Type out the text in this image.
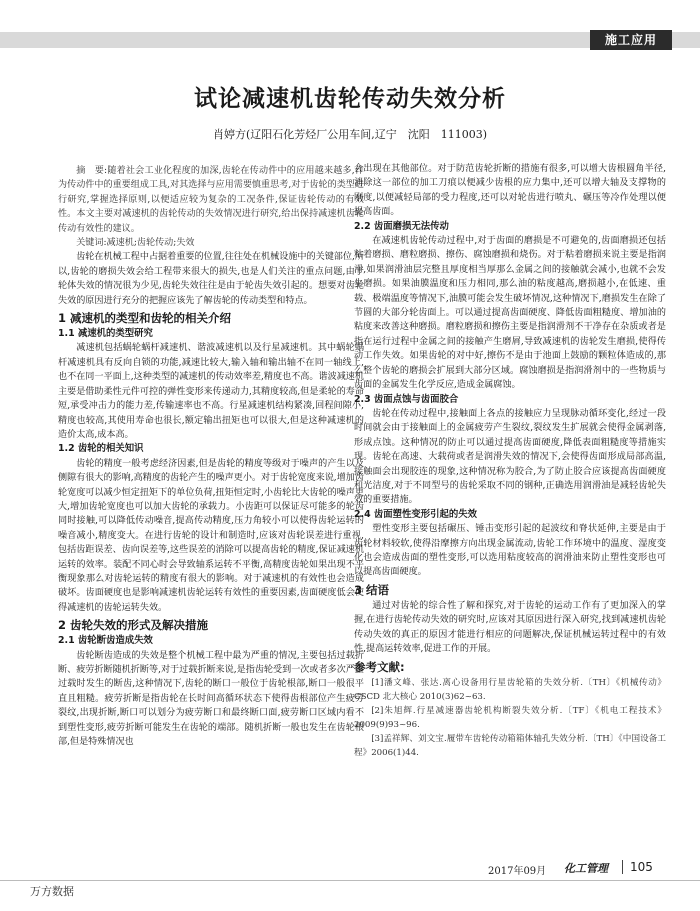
施工应用
试论减速机齿轮传动失效分析
肖婷方(辽阳石化芳烃厂公用车间,辽宁　沈阳　111003)

摘　要:随着社会工业化程度的加深,齿轮在传动件中的应用越来越多,作为传动件中的重要组成工具,对其选择与应用需要慎重思考,对于齿轮的类型进行研究,掌握选择原则,以便适应较为复杂的工况条件,保证齿轮传动的有效性。本文主要对减速机的齿轮传动的失效情况进行研究,给出保持减速机齿轮传动有效性的建议。

关键词:减速机;齿轮传动;失效

齿轮在机械工程中占据着重要的位置,往往处在机械设施中的关键部位,所以,齿轮的磨损失效会给工程带来很大的损失,也是人们关注的重点问题,由于轮体失效的情况很为少见,齿轮失效往往是由于轮齿失效引起的。想要对齿轮失效的原因进行充分的把握应该先了解齿轮的传动类型和特点。

1 减速机的类型和齿轮的相关介绍
1.1 减速机的类型研究

减速机包括蜗轮蜗杆减速机、谐波减速机以及行星减速机。其中蜗轮蜗杆减速机具有反向自锁的功能,减速比较大,输入轴和输出轴不在同一轴线上,也不在同一平面上,这种类型的减速机的传动效率差,精度也不高。谐波减速机主要是借助柔性元件可控的弹性变形来传递动力,其精度较高,但是柔轮的寿命短,承受冲击力的能力差,传输速率也不高。行星减速机结构紧凑,回程间隙小,精度也较高,其使用寿命也很长,额定输出扭矩也可以很大,但是这种减速机的造价太高,成本高。

1.2 齿轮的相关知识

齿轮的精度一般考虑经济因素,但是齿轮的精度等级对于噪声的产生以及侧隙有很大的影响,高精度的齿轮产生的噪声更小。对于齿轮宽度来说,增加齿轮宽度可以减少恒定扭矩下的单位负荷,扭矩恒定时,小齿轮比大齿轮的噪声更大,增加齿轮宽度也可以加大齿轮的承载力。小齿距可以保证尽可能多的轮齿同时接触,可以降低传动噪音,提高传动精度,压力角较小可以使得齿轮运转的噪音减小,精度变大。在进行齿轮的设计和制造时,应该对齿轮误差进行重视,包括齿距误差、齿向误差等,这些误差的消除可以提高齿轮的精度,保证减速机运转的效率。装配不同心时会导致轴系运转不平衡,高精度齿轮如果出现不平衡现象那么对齿轮运转的精度有很大的影响。对于减速机的有效性也会造成破坏。齿面硬度也是影响减速机齿轮运转有效性的重要因素,齿面硬度低会使得减速机的齿轮运转失效。

2 齿轮失效的形式及解决措施
2.1 齿轮断齿造成失效

齿轮断齿造成的失效是整个机械工程中最为严重的情况,主要包括过载折断、疲劳折断随机折断等,对于过载折断来说,是指齿轮受到一次或者多次严重过载时发生的断齿,这种情况下,齿轮的断口一般位于齿轮根部,断口一般很平直且粗糙。疲劳折断是指齿轮在长时间高循环状态下使得齿根部位产生疲劳裂纹,出现折断,断口可以划分为疲劳断口和最终断口面,疲劳断口区域内看不到塑性变形,疲劳折断可能发生在齿轮的端部。随机折断一般也发生在齿轮根部,但是特殊情况也

会出现在其他部位。对于防范齿轮折断的措施有很多,可以增大齿根圆角半径,消除这一部位的加工刀痕以便减少齿根的应力集中,还可以增大轴及支撑物的刚度,以便减轻局部的受力程度,还可以对轮齿进行喷丸、碾压等冷作处理以便提高齿面。

2.2 齿面磨损无法传动

在减速机齿轮传动过程中,对于齿面的磨损是不可避免的,齿面磨损还包括粘着磨损、磨粒磨损、擦伤、腐蚀磨损和烧伤。对于粘着磨损来说主要是指润滑,如果润滑油层完整且厚度相当厚那么金属之间的接触就会减小,也就不会发生磨损。如果油膜温度和压力相同,那么油的粘度越高,磨损越小,在低速、重载、极端温度等情况下,油膜可能会发生破坏情况,这种情况下,磨损发生在除了节圆的大部分轮齿面上。可以通过提高齿面硬度、降低齿面粗糙度、增加油的粘度来改善这种磨损。磨粒磨损和擦伤主要是指润滑剂不干净存在杂质或者是指在运行过程中金属之间的接触产生磨屑,导致减速机的齿轮发生磨损,使得传动工作失效。如果齿轮的对中好,擦伤不是由于池面上鼓励的颗粒体造成的,那么整个齿轮的磨损会扩展到大部分区域。腐蚀磨损是指润滑剂中的一些物质与齿面的金属发生化学反应,造成金属腐蚀。

2.3 齿面点蚀与齿面胶合

齿轮在传动过程中,接触面上各点的接触应力呈现脉动循环变化,经过一段时间就会由于接触面上的金属疲劳产生裂纹,裂纹发生扩展就会使得金属剥落,形成点蚀。这种情况的防止可以通过提高齿面硬度,降低表面粗糙度等措施实现。齿轮在高速、大载荷或者是润滑失效的情况下,会使得齿面形成局部高温,接触面会出现胶连的现象,这种情况称为胶合,为了防止胶合应该提高齿面硬度和光洁度,对于不同型号的齿轮采取不同的钢种,正确选用润滑油是减轻齿轮失效的重要措施。

2.4 齿面塑性变形引起的失效

塑性变形主要包括碾压、锤击变形引起的起波纹和脊状延伸,主要是由于齿轮材料较软,使得沿摩擦方向出现金属流动,齿轮工作环境中的温度、湿度变化也会造成齿面的塑性变形,可以选用粘度较高的润滑油来防止塑性变形也可以提高齿面硬度。

3 结语

通过对齿轮的综合性了解和探究,对于齿轮的运动工作有了更加深入的掌握,在进行齿轮传动失效的研究时,应该对其原因进行深入研究,找到减速机齿轮传动失效的真正的原因才能进行相应的问题解决,保证机械运转过程中的有效性,提高运转效率,促进工作的开展。

参考文献:

[1]潘文峰、张达.离心设备用行星齿轮箱的失效分析.〔TH〕《机械传动》CSCD 北大核心 2010(3)62~63.

[2]朱旭辉.行星减速器齿轮机构断裂失效分析.〔TF〕《机电工程技术》2009(9)93~96.

[3]孟祥辉、刘文宝.履带车齿轮传动箱箱体轴孔失效分析.〔TH〕《中国设备工程》2006(1)44.

2017年09月 化工管理 105
万方数据
